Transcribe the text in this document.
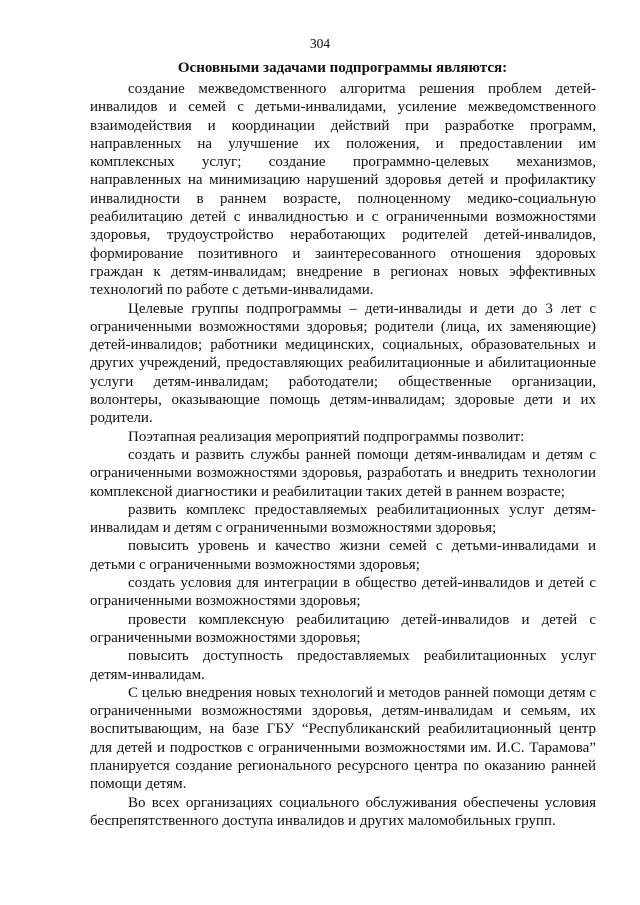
304
Основными задачами подпрограммы являются:

создание межведомственного алгоритма решения проблем детей-инвалидов и семей с детьми-инвалидами, усиление межведомственного взаимодействия и координации действий при разработке программ, направленных на улучшение их положения, и предоставлении им комплексных услуг; создание программно-целевых механизмов, направленных на минимизацию нарушений здоровья детей и профилактику инвалидности в раннем возрасте, полноценному медико-социальную реабилитацию детей с инвалидностью и с ограниченными возможностями здоровья, трудоустройство неработающих родителей детей-инвалидов, формирование позитивного и заинтересованного отношения здоровых граждан к детям-инвалидам; внедрение в регионах новых эффективных технологий по работе с детьми-инвалидами.

Целевые группы подпрограммы – дети-инвалиды и дети до 3 лет с ограниченными возможностями здоровья; родители (лица, их заменяющие) детей-инвалидов; работники медицинских, социальных, образовательных и других учреждений, предоставляющих реабилитационные и абилитационные услуги детям-инвалидам; работодатели; общественные организации, волонтеры, оказывающие помощь детям-инвалидам; здоровые дети и их родители.

Поэтапная реализация мероприятий подпрограммы позволит:

создать и развить службы ранней помощи детям-инвалидам и детям с ограниченными возможностями здоровья, разработать и внедрить технологии комплексной диагностики и реабилитации таких детей в раннем возрасте;

развить комплекс предоставляемых реабилитационных услуг детям-инвалидам и детям с ограниченными возможностями здоровья;

повысить уровень и качество жизни семей с детьми-инвалидами и детьми с ограниченными возможностями здоровья;

создать условия для интеграции в общество детей-инвалидов и детей с ограниченными возможностями здоровья;

провести комплексную реабилитацию детей-инвалидов и детей с ограниченными возможностями здоровья;

повысить доступность предоставляемых реабилитационных услуг детям-инвалидам.

С целью внедрения новых технологий и методов ранней помощи детям с ограниченными возможностями здоровья, детям-инвалидам и семьям, их воспитывающим, на базе ГБУ “Республиканский реабилитационный центр для детей и подростков с ограниченными возможностями им. И.С. Тарамова” планируется создание регионального ресурсного центра по оказанию ранней помощи детям.

Во всех организациях социального обслуживания обеспечены условия беспрепятственного доступа инвалидов и других маломобильных групп.
